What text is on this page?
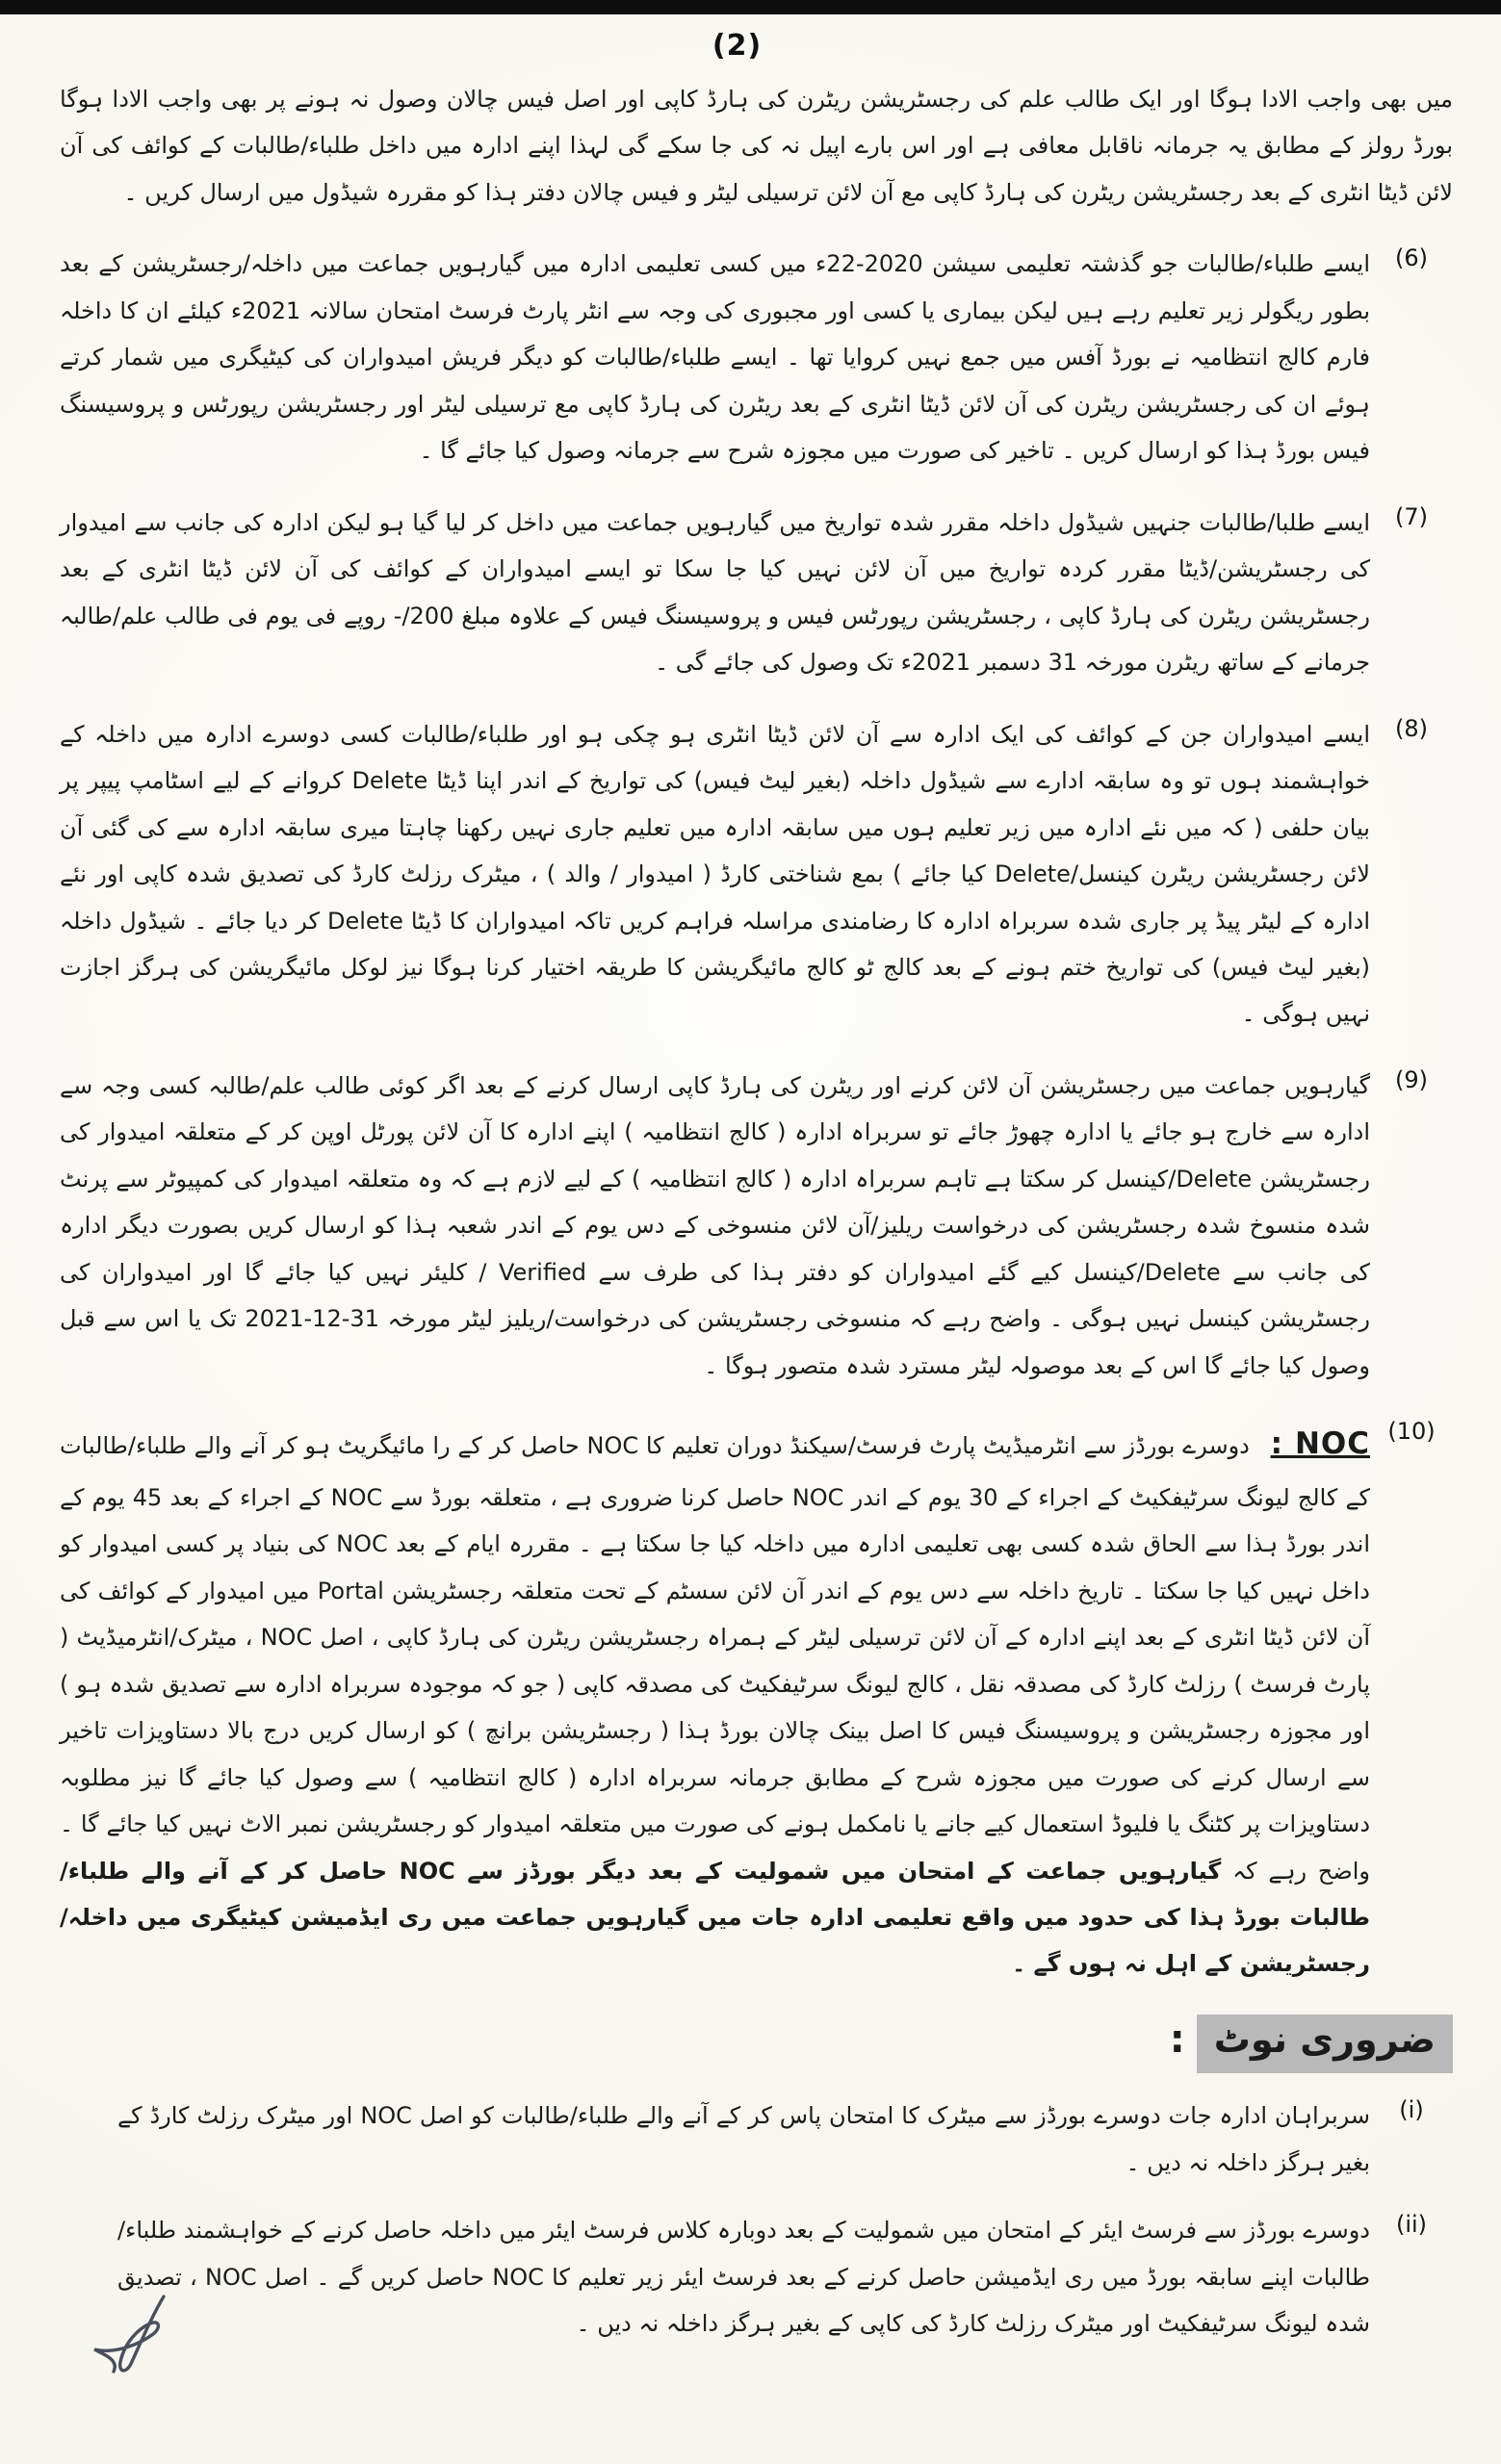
(2)

میں بھی واجب الادا ہوگا اور ایک طالب علم کی رجسٹریشن ریٹرن کی ہارڈ کاپی اور اصل فیس چالان وصول نہ ہونے پر بھی واجب الادا ہوگا بورڈ رولز کے مطابق یہ جرمانہ ناقابل معافی ہے اور اس بارے اپیل نہ کی جا سکے گی لہذا اپنے ادارہ میں داخل طلباء/طالبات کے کوائف کی آن لائن ڈیٹا انٹری کے بعد رجسٹریشن ریٹرن کی ہارڈ کاپی مع آن لائن ترسیلی لیٹر و فیس چالان دفتر ہذا کو مقررہ شیڈول میں ارسال کریں ۔

(6)
ایسے طلباء/طالبات جو گذشتہ تعلیمی سیشن 2020-22ء میں کسی تعلیمی ادارہ میں گیارہویں جماعت میں داخلہ/رجسٹریشن کے بعد بطور ریگولر زیر تعلیم رہے ہیں لیکن بیماری یا کسی اور مجبوری کی وجہ سے انٹر پارٹ فرسٹ امتحان سالانہ 2021ء کیلئے ان کا داخلہ فارم کالج انتظامیہ نے بورڈ آفس میں جمع نہیں کروایا تھا ۔ ایسے طلباء/طالبات کو دیگر فریش امیدواران کی کیٹیگری میں شمار کرتے ہوئے ان کی رجسٹریشن ریٹرن کی آن لائن ڈیٹا انٹری کے بعد ریٹرن کی ہارڈ کاپی مع ترسیلی لیٹر اور رجسٹریشن رپورٹس و پروسیسنگ فیس بورڈ ہذا کو ارسال کریں ۔ تاخیر کی صورت میں مجوزہ شرح سے جرمانہ وصول کیا جائے گا ۔
(7)
ایسے طلبا/طالبات جنہیں شیڈول داخلہ مقرر شدہ تواریخ میں گیارہویں جماعت میں داخل کر لیا گیا ہو لیکن ادارہ کی جانب سے امیدوار کی رجسٹریشن/ڈیٹا مقرر کردہ تواریخ میں آن لائن نہیں کیا جا سکا تو ایسے امیدواران کے کوائف کی آن لائن ڈیٹا انٹری کے بعد رجسٹریشن ریٹرن کی ہارڈ کاپی ، رجسٹریشن رپورٹس فیس و پروسیسنگ فیس کے علاوہ مبلغ 200/- روپے فی یوم فی طالب علم/طالبہ جرمانے کے ساتھ ریٹرن مورخہ 31 دسمبر 2021ء تک وصول کی جائے گی ۔
(8)
ایسے امیدواران جن کے کوائف کی ایک ادارہ سے آن لائن ڈیٹا انٹری ہو چکی ہو اور طلباء/طالبات کسی دوسرے ادارہ میں داخلہ کے خواہشمند ہوں تو وہ سابقہ ادارے سے شیڈول داخلہ (بغیر لیٹ فیس) کی تواریخ کے اندر اپنا ڈیٹا Delete کروانے کے لیے اسٹامپ پیپر پر بیان حلفی ( کہ میں نئے ادارہ میں زیر تعلیم ہوں میں سابقہ ادارہ میں تعلیم جاری نہیں رکھنا چاہتا میری سابقہ ادارہ سے کی گئی آن لائن رجسٹریشن ریٹرن کینسل/Delete کیا جائے ) بمع شناختی کارڈ ( امیدوار / والد ) ، میٹرک رزلٹ کارڈ کی تصدیق شدہ کاپی اور نئے ادارہ کے لیٹر پیڈ پر جاری شدہ سربراہ ادارہ کا رضامندی مراسلہ فراہم کریں تاکہ امیدواران کا ڈیٹا Delete کر دیا جائے ۔ شیڈول داخلہ (بغیر لیٹ فیس) کی تواریخ ختم ہونے کے بعد کالج ٹو کالج مائیگریشن کا طریقہ اختیار کرنا ہوگا نیز لوکل مائیگریشن کی ہرگز اجازت نہیں ہوگی ۔
(9)
گیارہویں جماعت میں رجسٹریشن آن لائن کرنے اور ریٹرن کی ہارڈ کاپی ارسال کرنے کے بعد اگر کوئی طالب علم/طالبہ کسی وجہ سے ادارہ سے خارج ہو جائے یا ادارہ چھوڑ جائے تو سربراہ ادارہ ( کالج انتظامیہ ) اپنے ادارہ کا آن لائن پورٹل اوپن کر کے متعلقہ امیدوار کی رجسٹریشن Delete/کینسل کر سکتا ہے تاہم سربراہ ادارہ ( کالج انتظامیہ ) کے لیے لازم ہے کہ وہ متعلقہ امیدوار کی کمپیوٹر سے پرنٹ شدہ منسوخ شدہ رجسٹریشن کی درخواست ریلیز/آن لائن منسوخی کے دس یوم کے اندر شعبہ ہذا کو ارسال کریں بصورت دیگر ادارہ کی جانب سے Delete/کینسل کیے گئے امیدواران کو دفتر ہذا کی طرف سے Verified / کلیئر نہیں کیا جائے گا اور امیدواران کی رجسٹریشن کینسل نہیں ہوگی ۔ واضح رہے کہ منسوخی رجسٹریشن کی درخواست/ریلیز لیٹر مورخہ 31-12-2021 تک یا اس سے قبل وصول کیا جائے گا اس کے بعد موصولہ لیٹر مسترد شدہ متصور ہوگا ۔
(10)
NOC : دوسرے بورڈز سے انٹرمیڈیٹ پارٹ فرسٹ/سیکنڈ دوران تعلیم کا NOC حاصل کر کے را مائیگریٹ ہو کر آنے والے طلباء/طالبات کے کالج لیونگ سرٹیفکیٹ کے اجراء کے 30 یوم کے اندر NOC حاصل کرنا ضروری ہے ، متعلقہ بورڈ سے NOC کے اجراء کے بعد 45 یوم کے اندر بورڈ ہذا سے الحاق شدہ کسی بھی تعلیمی ادارہ میں داخلہ کیا جا سکتا ہے ۔ مقررہ ایام کے بعد NOC کی بنیاد پر کسی امیدوار کو داخل نہیں کیا جا سکتا ۔ تاریخ داخلہ سے دس یوم کے اندر آن لائن سسٹم کے تحت متعلقہ رجسٹریشن Portal میں امیدوار کے کوائف کی آن لائن ڈیٹا انٹری کے بعد اپنے ادارہ کے آن لائن ترسیلی لیٹر کے ہمراہ رجسٹریشن ریٹرن کی ہارڈ کاپی ، اصل NOC ، میٹرک/انٹرمیڈیٹ ( پارٹ فرسٹ ) رزلٹ کارڈ کی مصدقہ نقل ، کالج لیونگ سرٹیفکیٹ کی مصدقہ کاپی ( جو کہ موجودہ سربراہ ادارہ سے تصدیق شدہ ہو ) اور مجوزہ رجسٹریشن و پروسیسنگ فیس کا اصل بینک چالان بورڈ ہذا ( رجسٹریشن برانچ ) کو ارسال کریں درج بالا دستاویزات تاخیر سے ارسال کرنے کی صورت میں مجوزہ شرح کے مطابق جرمانہ سربراہ ادارہ ( کالج انتظامیہ ) سے وصول کیا جائے گا نیز مطلوبہ دستاویزات پر کٹنگ یا فلیوڈ استعمال کیے جانے یا نامکمل ہونے کی صورت میں متعلقہ امیدوار کو رجسٹریشن نمبر الاٹ نہیں کیا جائے گا ۔ واضح رہے کہ گیارہویں جماعت کے امتحان میں شمولیت کے بعد دیگر بورڈز سے NOC حاصل کر کے آنے والے طلباء/طالبات بورڈ ہذا کی حدود میں واقع تعلیمی ادارہ جات میں گیارہویں جماعت میں ری ایڈمیشن کیٹیگری میں داخلہ/رجسٹریشن کے اہل نہ ہوں گے ۔
ضروری نوٹ:
(i)
سربراہان ادارہ جات دوسرے بورڈز سے میٹرک کا امتحان پاس کر کے آنے والے طلباء/طالبات کو اصل NOC اور میٹرک رزلٹ کارڈ کے بغیر ہرگز داخلہ نہ دیں ۔
(ii)
دوسرے بورڈز سے فرسٹ ایئر کے امتحان میں شمولیت کے بعد دوبارہ کلاس فرسٹ ایئر میں داخلہ حاصل کرنے کے خواہشمند طلباء/طالبات اپنے سابقہ بورڈ میں ری ایڈمیشن حاصل کرنے کے بعد فرسٹ ایئر زیر تعلیم کا NOC حاصل کریں گے ۔ اصل NOC ، تصدیق شدہ لیونگ سرٹیفکیٹ اور میٹرک رزلٹ کارڈ کی کاپی کے بغیر ہرگز داخلہ نہ دیں ۔
